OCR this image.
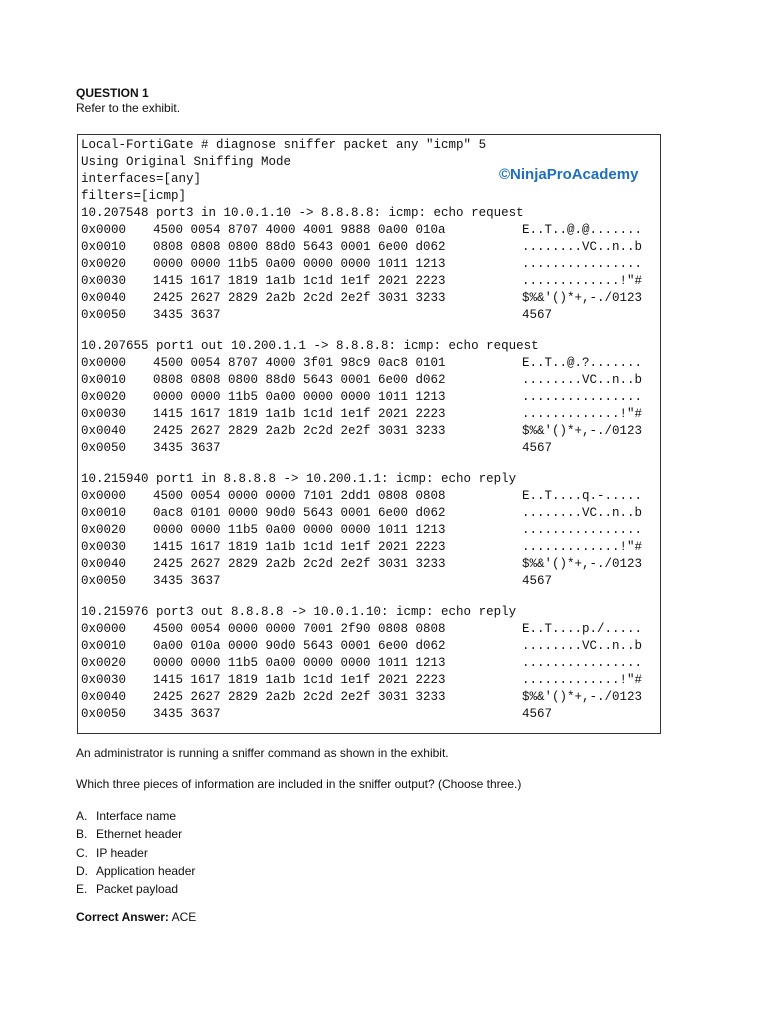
QUESTION 1
Refer to the exhibit.
©NinjaProAcademy
Local-FortiGate # diagnose sniffer packet any "icmp" 5
Using Original Sniffing Mode
interfaces=[any]
filters=[icmp]
10.207548 port3 in 10.0.1.10 -> 8.8.8.8: icmp: echo request
0x0000 4500 0054 8707 4000 4001 9888 0a00 010a	E..T..@.@.......
0x0010 0808 0808 0800 88d0 5643 0001 6e00 d062	........VC..n..b
0x0020 0000 0000 11b5 0a00 0000 0000 1011 1213	................
0x0030 1415 1617 1819 1a1b 1c1d 1e1f 2021 2223	.............!"#
0x0040 2425 2627 2829 2a2b 2c2d 2e2f 3031 3233	$%&'()*+,-./0123
0x0050 3435 3637	4567
10.207655 port1 out 10.200.1.1 -> 8.8.8.8: icmp: echo request
0x0000 4500 0054 8707 4000 3f01 98c9 0ac8 0101	E..T..@.?.......
0x0010 0808 0808 0800 88d0 5643 0001 6e00 d062	........VC..n..b
0x0020 0000 0000 11b5 0a00 0000 0000 1011 1213	................
0x0030 1415 1617 1819 1a1b 1c1d 1e1f 2021 2223	.............!"#
0x0040 2425 2627 2829 2a2b 2c2d 2e2f 3031 3233	$%&'()*+,-./0123
0x0050 3435 3637	4567
10.215940 port1 in 8.8.8.8 -> 10.200.1.1: icmp: echo reply
0x0000 4500 0054 0000 0000 7101 2dd1 0808 0808	E..T....q.-.....
0x0010 0ac8 0101 0000 90d0 5643 0001 6e00 d062	........VC..n..b
0x0020 0000 0000 11b5 0a00 0000 0000 1011 1213	................
0x0030 1415 1617 1819 1a1b 1c1d 1e1f 2021 2223	.............!"#
0x0040 2425 2627 2829 2a2b 2c2d 2e2f 3031 3233	$%&'()*+,-./0123
0x0050 3435 3637	4567
10.215976 port3 out 8.8.8.8 -> 10.0.1.10: icmp: echo reply
0x0000 4500 0054 0000 0000 7001 2f90 0808 0808	E..T....p./.....
0x0010 0a00 010a 0000 90d0 5643 0001 6e00 d062	........VC..n..b
0x0020 0000 0000 11b5 0a00 0000 0000 1011 1213	................
0x0030 1415 1617 1819 1a1b 1c1d 1e1f 2021 2223	.............!"#
0x0040 2425 2627 2829 2a2b 2c2d 2e2f 3031 3233	$%&'()*+,-./0123
0x0050 3435 3637	4567
An administrator is running a sniffer command as shown in the exhibit.
Which three pieces of information are included in the sniffer output? (Choose three.)
A. Interface name
B. Ethernet header
C. IP header
D. Application header
E. Packet payload
Correct Answer: ACE
